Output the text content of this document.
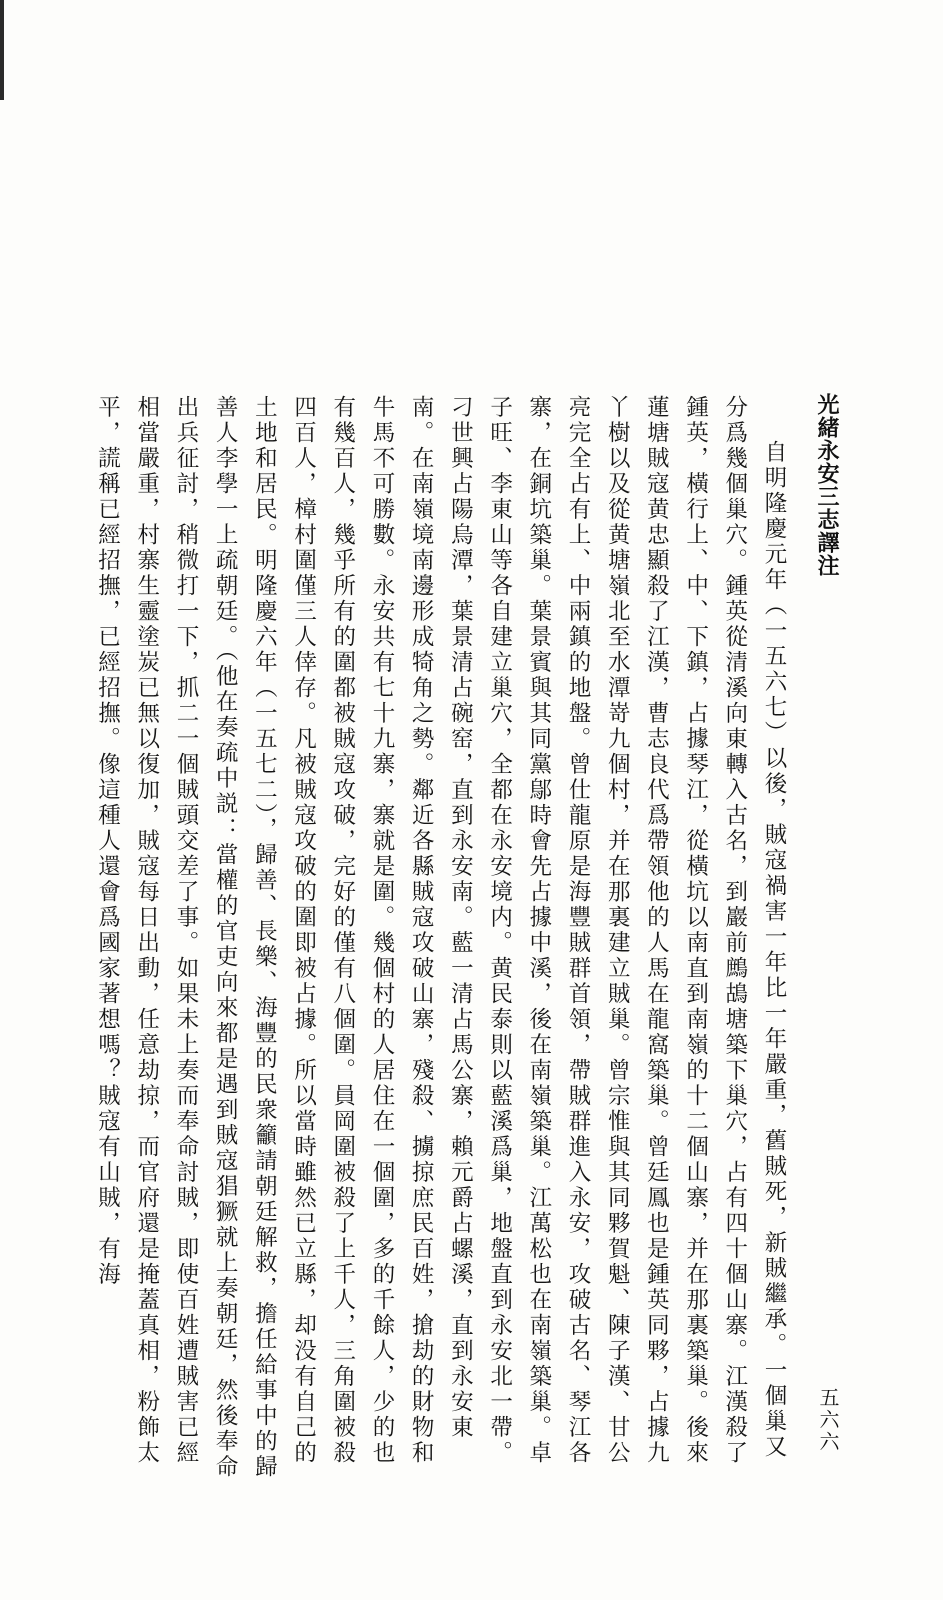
光緒永安三志譯注
五六六

自明隆慶元年（一五六七）以後，賊寇禍害一年比一年嚴重，舊賊死，新賊繼承。一個巢又分爲幾個巢穴。鍾英從清溪向東轉入古名，到巖前鷓鴣塘築下巢穴，占有四十個山寨。江漢殺了鍾英，橫行上、中、下鎮，占據琴江，從橫坑以南直到南嶺的十二個山寨，并在那裏築巢。後來蓮塘賊寇黄忠顯殺了江漢，曹志良代爲帶領他的人馬在龍窩築巢。曾廷鳳也是鍾英同夥，占據九丫樹以及從黄塘嶺北至水潭嵜九個村，并在那裏建立賊巢。曾宗惟與其同夥賀魁、陳子漢、甘公亮完全占有上、中兩鎮的地盤。曾仕龍原是海豐賊群首領，帶賊群進入永安，攻破古名、琴江各寨，在銅坑築巢。葉景賓與其同黨鄔時會先占據中溪，後在南嶺築巢。江萬松也在南嶺築巢。卓子旺、李東山等各自建立巢穴，全都在永安境内。黄民泰則以藍溪爲巢，地盤直到永安北一帶。刁世興占陽烏潭，葉景清占碗窑，直到永安南。藍一清占馬公寨，賴元爵占螺溪，直到永安東南。在南嶺境南邊形成犄角之勢。鄰近各縣賊寇攻破山寨，殘殺、擄掠庶民百姓，搶劫的財物和牛馬不可勝數。永安共有七十九寨，寨就是圍。幾個村的人居住在一個圍，多的千餘人，少的也有幾百人，幾乎所有的圍都被賊寇攻破，完好的僅有八個圍。員岡圍被殺了上千人，三角圍被殺四百人，樟村圍僅三人倖存。凡被賊寇攻破的圍即被占據。所以當時雖然已立縣，却没有自己的土地和居民。明隆慶六年（一五七二），歸善、長樂、海豐的民衆籲請朝廷解救，擔任給事中的歸善人李學一上疏朝廷。（他在奏疏中説：當權的官吏向來都是遇到賊寇猖獗就上奏朝廷，然後奉命出兵征討，稍微打一下，抓二一個賊頭交差了事。如果未上奏而奉命討賊，即使百姓遭賊害已經相當嚴重，村寨生靈塗炭已無以復加，賊寇每日出動，任意劫掠，而官府還是掩蓋真相，粉飾太平，謊稱已經招撫，已經招撫。像這種人還會爲國家著想嗎？賊寇有山賊，有海
